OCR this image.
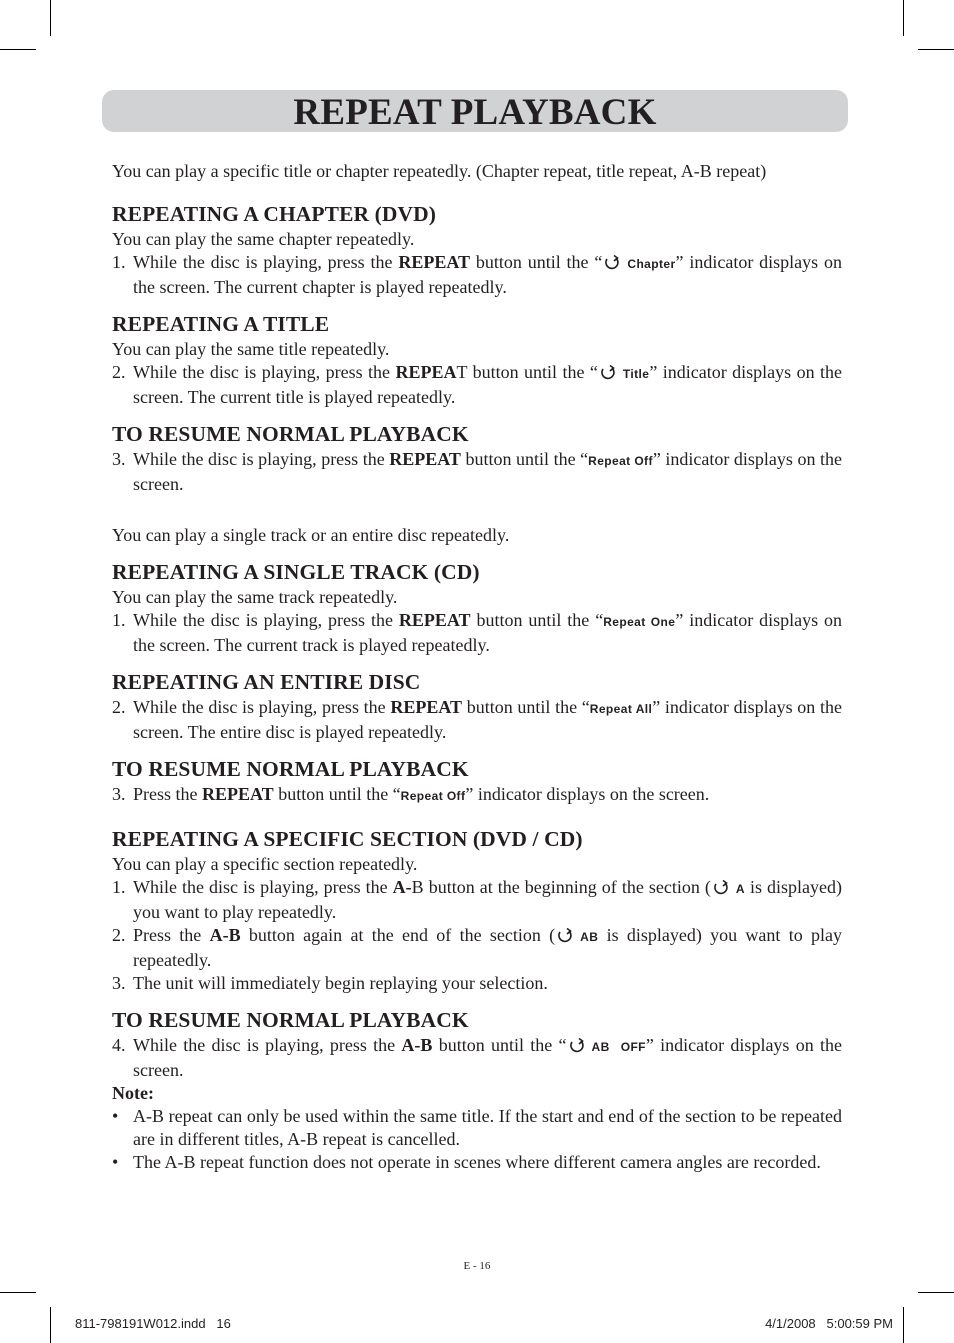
REPEAT PLAYBACK

You can play a specific title or chapter repeatedly. (Chapter repeat, title repeat, A-B repeat)

REPEATING A CHAPTER (DVD)

You can play the same chapter repeatedly.

1. While the disc is playing, press the REPEAT button until the “ Chapter” indicator displays on the screen. The current chapter is played repeatedly.
REPEATING A TITLE

You can play the same title repeatedly.

2. While the disc is playing, press the REPEAT button until the “ Title” indicator displays on the screen. The current title is played repeatedly.
TO RESUME NORMAL PLAYBACK
3. While the disc is playing, press the REPEAT button until the “Repeat Off” indicator displays on the screen.

You can play a single track or an entire disc repeatedly.

REPEATING A SINGLE TRACK (CD)

You can play the same track repeatedly.

1. While the disc is playing, press the REPEAT button until the “Repeat One” indicator displays on the screen. The current track is played repeatedly.
REPEATING AN ENTIRE DISC
2. While the disc is playing, press the REPEAT button until the “Repeat All” indicator displays on the screen. The entire disc is played repeatedly.
TO RESUME NORMAL PLAYBACK
3. Press the REPEAT button until the “Repeat Off” indicator displays on the screen.
REPEATING A SPECIFIC SECTION (DVD / CD)

You can play a specific section repeatedly.

1. While the disc is playing, press the A-B button at the beginning of the section ( A is displayed) you want to play repeatedly.
2. Press the A-B button again at the end of the section ( AB is displayed) you want to play repeatedly.
3. The unit will immediately begin replaying your selection.
TO RESUME NORMAL PLAYBACK
4. While the disc is playing, press the A-B button until the “ AB  OFF” indicator displays on the screen.

Note:

• A-B repeat can only be used within the same title. If the start and end of the section to be repeated are in different titles, A-B repeat is cancelled.
• The A-B repeat function does not operate in scenes where different camera angles are recorded.
E - 16
811-798191W012.indd   16	4/1/2008   5:00:59 PM
